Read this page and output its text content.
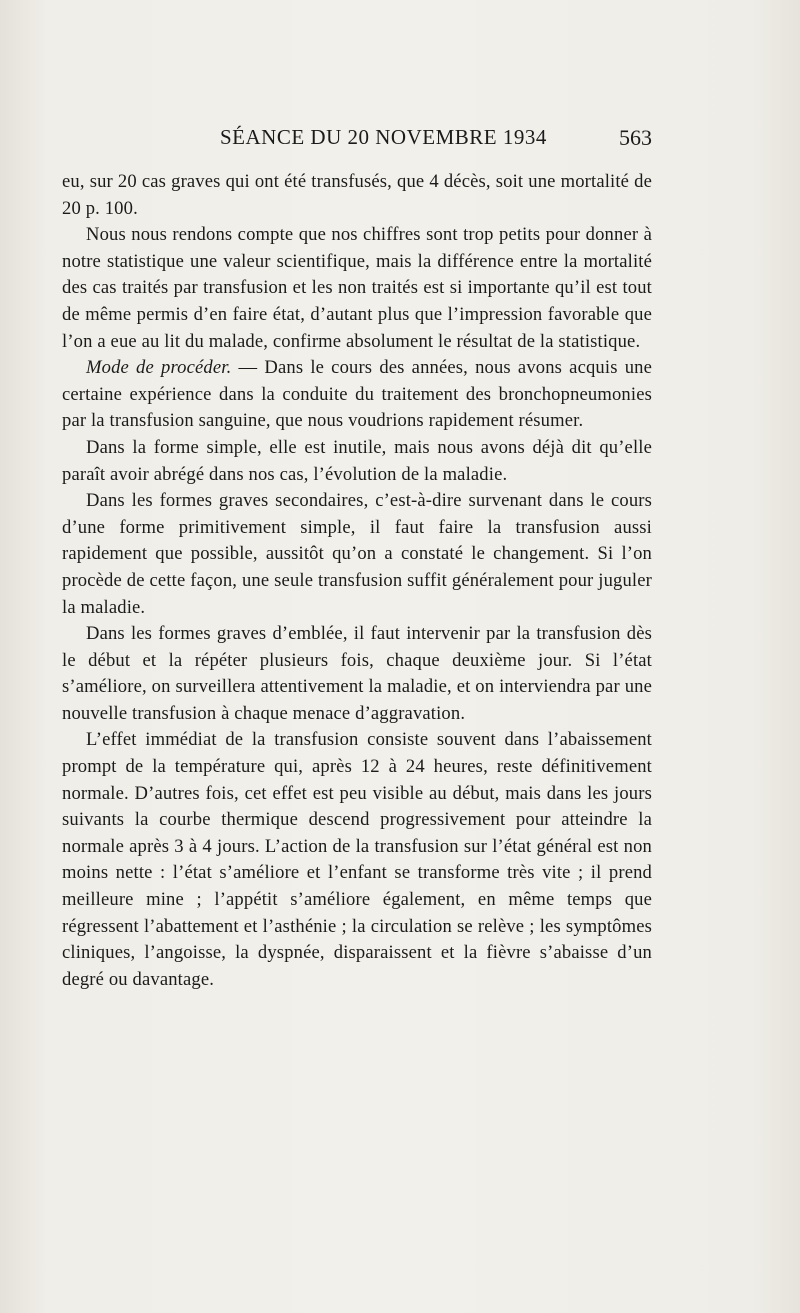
SÉANCE DU 20 NOVEMBRE 1934	563

eu, sur 20 cas graves qui ont été transfusés, que 4 décès, soit une mortalité de 20 p. 100.

Nous nous rendons compte que nos chiffres sont trop petits pour donner à notre statistique une valeur scientifique, mais la différence entre la mortalité des cas traités par transfusion et les non traités est si importante qu’il est tout de même permis d’en faire état, d’autant plus que l’impression favorable que l’on a eue au lit du malade, confirme absolument le résultat de la statistique.

Mode de procéder. — Dans le cours des années, nous avons acquis une certaine expérience dans la conduite du traitement des bronchopneumonies par la transfusion sanguine, que nous voudrions rapidement résumer.

Dans la forme simple, elle est inutile, mais nous avons déjà dit qu’elle paraît avoir abrégé dans nos cas, l’évolution de la maladie.

Dans les formes graves secondaires, c’est-à-dire survenant dans le cours d’une forme primitivement simple, il faut faire la transfusion aussi rapidement que possible, aussitôt qu’on a constaté le changement. Si l’on procède de cette façon, une seule transfusion suffit généralement pour juguler la maladie.

Dans les formes graves d’emblée, il faut intervenir par la transfusion dès le début et la répéter plusieurs fois, chaque deuxième jour. Si l’état s’améliore, on surveillera attentivement la maladie, et on interviendra par une nouvelle transfusion à chaque menace d’aggravation.

L’effet immédiat de la transfusion consiste souvent dans l’abaissement prompt de la température qui, après 12 à 24 heures, reste définitivement normale. D’autres fois, cet effet est peu visible au début, mais dans les jours suivants la courbe thermique descend progressivement pour atteindre la normale après 3 à 4 jours. L’action de la transfusion sur l’état général est non moins nette : l’état s’améliore et l’enfant se transforme très vite ; il prend meilleure mine ; l’appétit s’améliore également, en même temps que régressent l’abattement et l’asthénie ; la circulation se relève ; les symptômes cliniques, l’angoisse, la dyspnée, disparaissent et la fièvre s’abaisse d’un degré ou davantage.
